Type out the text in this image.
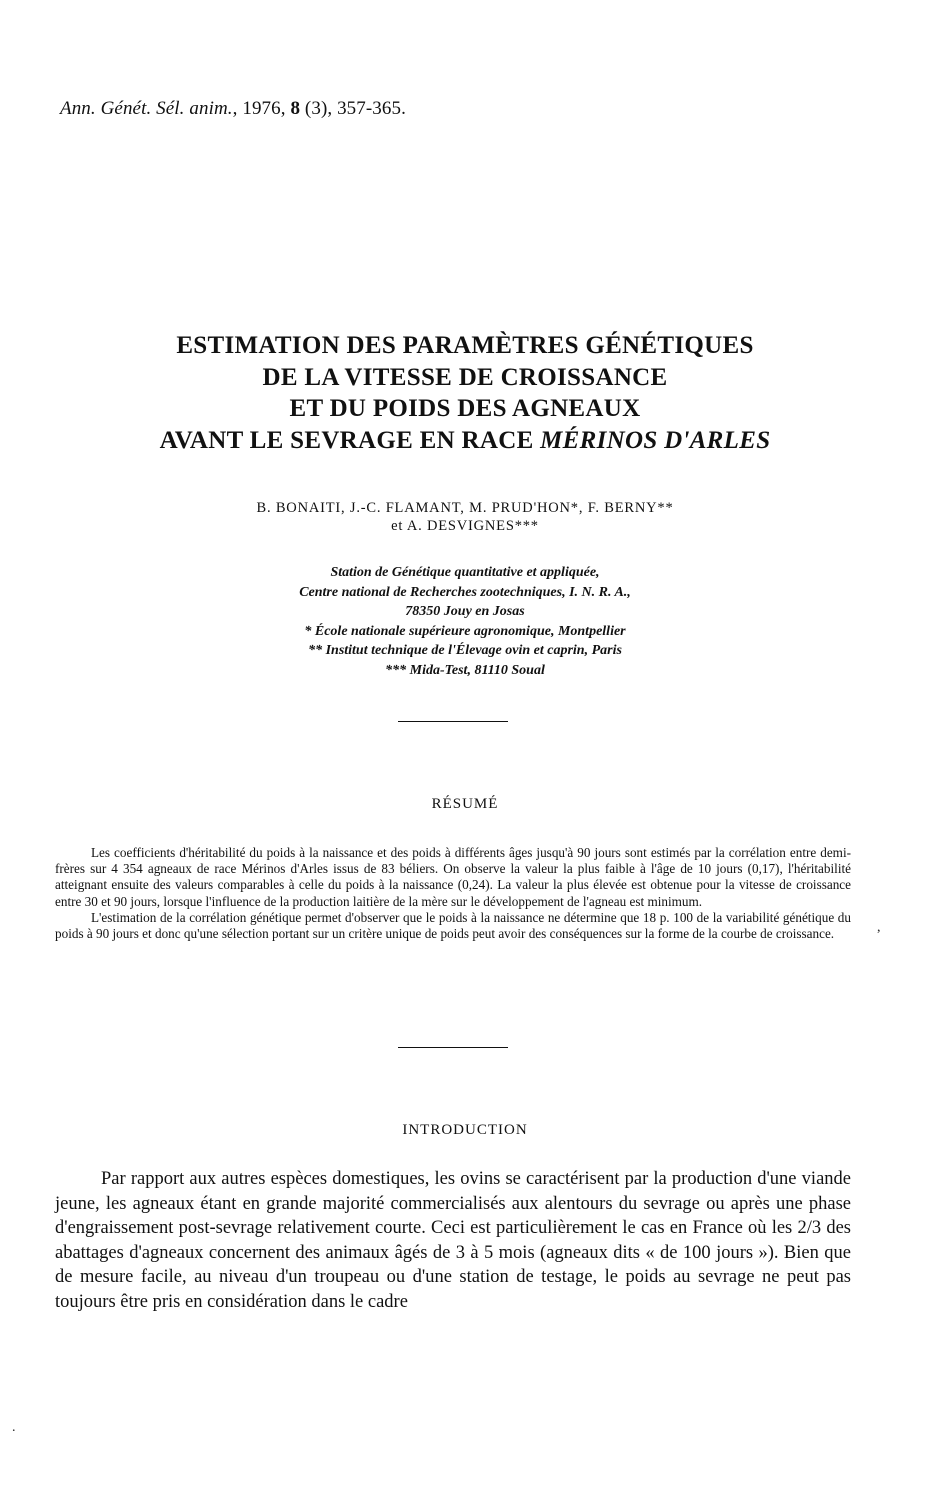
Ann. Génét. Sél. anim., 1976, 8 (3), 357-365.
ESTIMATION DES PARAMÈTRES GÉNÉTIQUES
DE LA VITESSE DE CROISSANCE
ET DU POIDS DES AGNEAUX
AVANT LE SEVRAGE EN RACE MÉRINOS D'ARLES
B. BONAITI, J.-C. FLAMANT, M. PRUD'HON*, F. BERNY**
et A. DESVIGNES***
Station de Génétique quantitative et appliquée,
Centre national de Recherches zootechniques, I. N. R. A.,
78350 Jouy en Josas
* École nationale supérieure agronomique, Montpellier
** Institut technique de l'Élevage ovin et caprin, Paris
*** Mida-Test, 81110 Soual
RÉSUMÉ

Les coefficients d'héritabilité du poids à la naissance et des poids à différents âges jusqu'à 90 jours sont estimés par la corrélation entre demi-frères sur 4 354 agneaux de race Mérinos d'Arles issus de 83 béliers. On observe la valeur la plus faible à l'âge de 10 jours (0,17), l'héritabilité atteignant ensuite des valeurs comparables à celle du poids à la naissance (0,24). La valeur la plus élevée est obtenue pour la vitesse de croissance entre 30 et 90 jours, lorsque l'influence de la production laitière de la mère sur le développement de l'agneau est minimum.

L'estimation de la corrélation génétique permet d'observer que le poids à la naissance ne détermine que 18 p. 100 de la variabilité génétique du poids à 90 jours et donc qu'une sélection portant sur un critère unique de poids peut avoir des conséquences sur la forme de la courbe de croissance.	,
INTRODUCTION

Par rapport aux autres espèces domestiques, les ovins se caractérisent par la production d'une viande jeune, les agneaux étant en grande majorité commercialisés aux alentours du sevrage ou après une phase d'engraissement post-sevrage relativement courte. Ceci est particulièrement le cas en France où les 2/3 des abattages d'agneaux concernent des animaux âgés de 3 à 5 mois (agneaux dits « de 100 jours »). Bien que de mesure facile, au niveau d'un troupeau ou d'une station de testage, le poids au sevrage ne peut pas toujours être pris en considération dans le cadre

.
